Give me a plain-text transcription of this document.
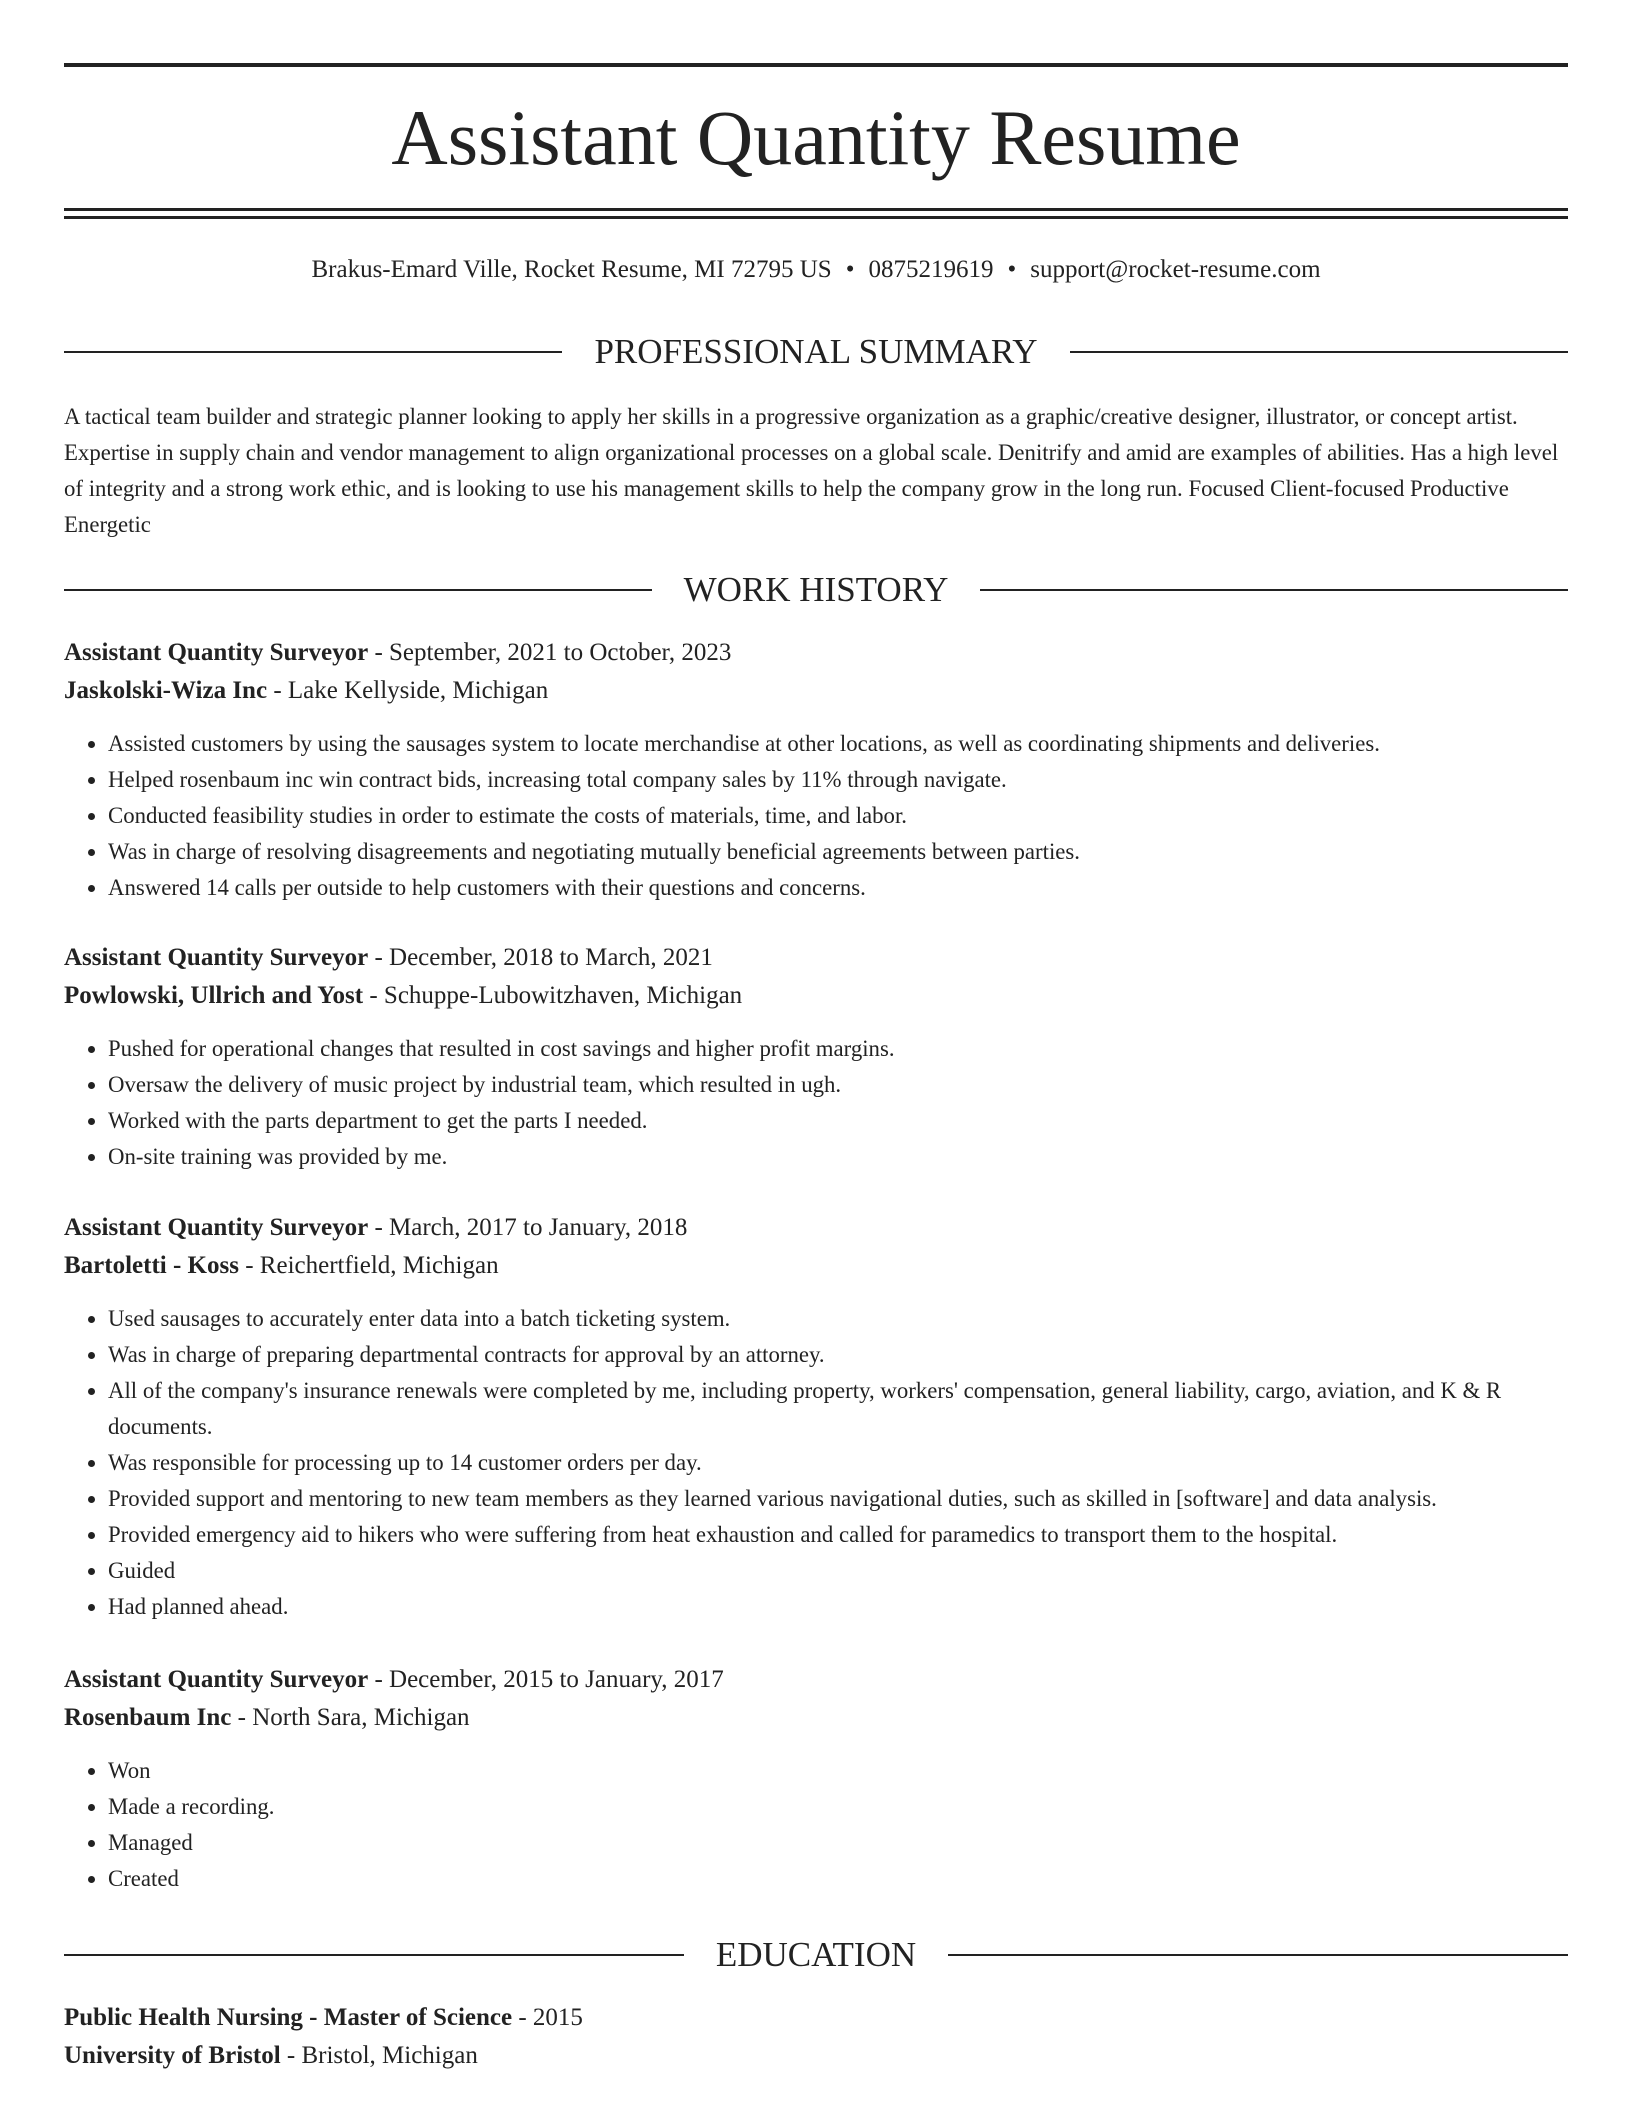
Assistant Quantity Resume
Brakus-Emard Ville, Rocket Resume, MI 72795 US • 0875219619 • support@rocket-resume.com
PROFESSIONAL SUMMARY

A tactical team builder and strategic planner looking to apply her skills in a progressive organization as a graphic/creative designer, illustrator, or concept artist. Expertise in supply chain and vendor management to align organizational processes on a global scale. Denitrify and amid are examples of abilities. Has a high level of integrity and a strong work ethic, and is looking to use his management skills to help the company grow in the long run. Focused Client-focused Productive Energetic

WORK HISTORY
Assistant Quantity Surveyor - September, 2021 to October, 2023
Jaskolski-Wiza Inc - Lake Kellyside, Michigan
• Assisted customers by using the sausages system to locate merchandise at other locations, as well as coordinating shipments and deliveries.
• Helped rosenbaum inc win contract bids, increasing total company sales by 11% through navigate.
• Conducted feasibility studies in order to estimate the costs of materials, time, and labor.
• Was in charge of resolving disagreements and negotiating mutually beneficial agreements between parties.
• Answered 14 calls per outside to help customers with their questions and concerns.
Assistant Quantity Surveyor - December, 2018 to March, 2021
Powlowski, Ullrich and Yost - Schuppe-Lubowitzhaven, Michigan
• Pushed for operational changes that resulted in cost savings and higher profit margins.
• Oversaw the delivery of music project by industrial team, which resulted in ugh.
• Worked with the parts department to get the parts I needed.
• On-site training was provided by me.
Assistant Quantity Surveyor - March, 2017 to January, 2018
Bartoletti - Koss - Reichertfield, Michigan
• Used sausages to accurately enter data into a batch ticketing system.
• Was in charge of preparing departmental contracts for approval by an attorney.
• All of the company's insurance renewals were completed by me, including property, workers' compensation, general liability, cargo, aviation, and K & R documents.
• Was responsible for processing up to 14 customer orders per day.
• Provided support and mentoring to new team members as they learned various navigational duties, such as skilled in [software] and data analysis.
• Provided emergency aid to hikers who were suffering from heat exhaustion and called for paramedics to transport them to the hospital.
• Guided
• Had planned ahead.
Assistant Quantity Surveyor - December, 2015 to January, 2017
Rosenbaum Inc - North Sara, Michigan
• Won
• Made a recording.
• Managed
• Created
EDUCATION
Public Health Nursing - Master of Science - 2015
University of Bristol - Bristol, Michigan
